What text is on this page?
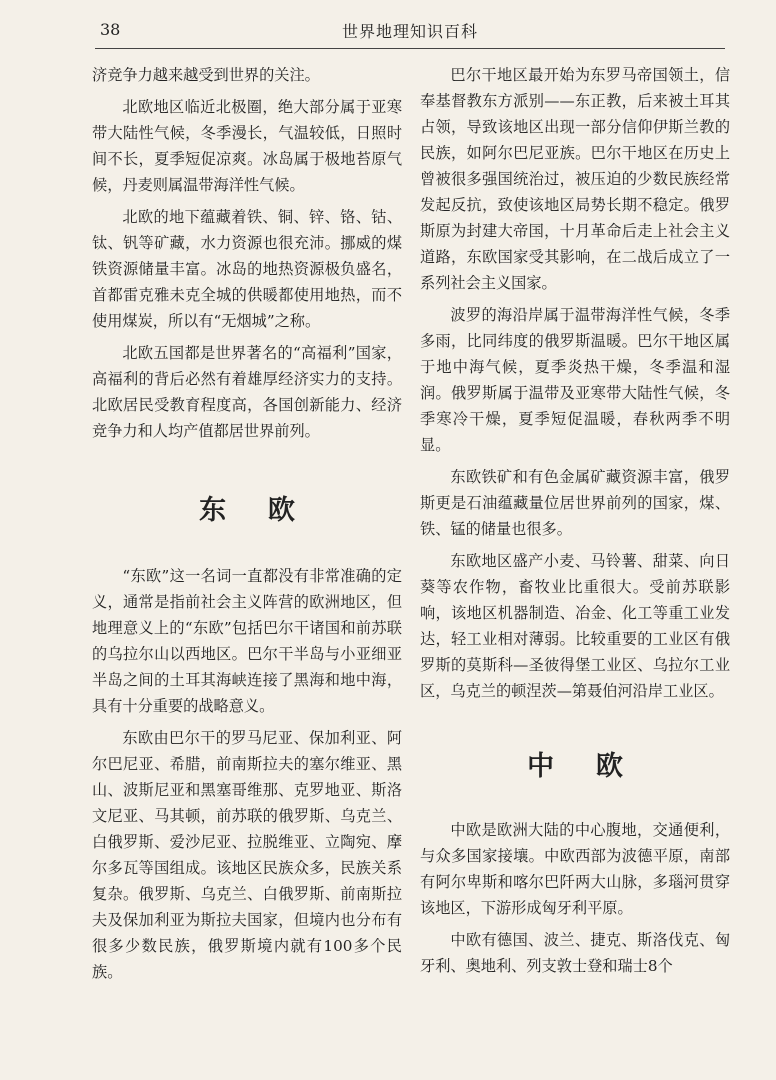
38	世界地理知识百科

济竞争力越来越受到世界的关注。

北欧地区临近北极圈，绝大部分属于亚寒带大陆性气候，冬季漫长，气温较低，日照时间不长，夏季短促凉爽。冰岛属于极地苔原气候，丹麦则属温带海洋性气候。

北欧的地下蕴藏着铁、铜、锌、铬、钴、钛、钒等矿藏，水力资源也很充沛。挪威的煤铁资源储量丰富。冰岛的地热资源极负盛名，首都雷克雅未克全城的供暖都使用地热，而不使用煤炭，所以有“无烟城”之称。

北欧五国都是世界著名的“高福利”国家，高福利的背后必然有着雄厚经济实力的支持。北欧居民受教育程度高，各国创新能力、经济竞争力和人均产值都居世界前列。

东 欧

“东欧”这一名词一直都没有非常准确的定义，通常是指前社会主义阵营的欧洲地区，但地理意义上的“东欧”包括巴尔干诸国和前苏联的乌拉尔山以西地区。巴尔干半岛与小亚细亚半岛之间的土耳其海峡连接了黑海和地中海，具有十分重要的战略意义。

东欧由巴尔干的罗马尼亚、保加利亚、阿尔巴尼亚、希腊，前南斯拉夫的塞尔维亚、黑山、波斯尼亚和黑塞哥维那、克罗地亚、斯洛文尼亚、马其顿，前苏联的俄罗斯、乌克兰、白俄罗斯、爱沙尼亚、拉脱维亚、立陶宛、摩尔多瓦等国组成。该地区民族众多，民族关系复杂。俄罗斯、乌克兰、白俄罗斯、前南斯拉夫及保加利亚为斯拉夫国家，但境内也分布有很多少数民族，俄罗斯境内就有100多个民族。

巴尔干地区最开始为东罗马帝国领土，信奉基督教东方派别——东正教，后来被土耳其占领，导致该地区出现一部分信仰伊斯兰教的民族，如阿尔巴尼亚族。巴尔干地区在历史上曾被很多强国统治过，被压迫的少数民族经常发起反抗，致使该地区局势长期不稳定。俄罗斯原为封建大帝国，十月革命后走上社会主义道路，东欧国家受其影响，在二战后成立了一系列社会主义国家。

波罗的海沿岸属于温带海洋性气候，冬季多雨，比同纬度的俄罗斯温暖。巴尔干地区属于地中海气候，夏季炎热干燥，冬季温和湿润。俄罗斯属于温带及亚寒带大陆性气候，冬季寒冷干燥，夏季短促温暖，春秋两季不明显。

东欧铁矿和有色金属矿藏资源丰富，俄罗斯更是石油蕴藏量位居世界前列的国家，煤、铁、锰的储量也很多。

东欧地区盛产小麦、马铃薯、甜菜、向日葵等农作物，畜牧业比重很大。受前苏联影响，该地区机器制造、冶金、化工等重工业发达，轻工业相对薄弱。比较重要的工业区有俄罗斯的莫斯科—圣彼得堡工业区、乌拉尔工业区，乌克兰的顿涅茨—第聂伯河沿岸工业区。

中 欧

中欧是欧洲大陆的中心腹地，交通便利，与众多国家接壤。中欧西部为波德平原，南部有阿尔卑斯和喀尔巴阡两大山脉，多瑙河贯穿该地区，下游形成匈牙利平原。

中欧有德国、波兰、捷克、斯洛伐克、匈牙利、奥地利、列支敦士登和瑞士8个
